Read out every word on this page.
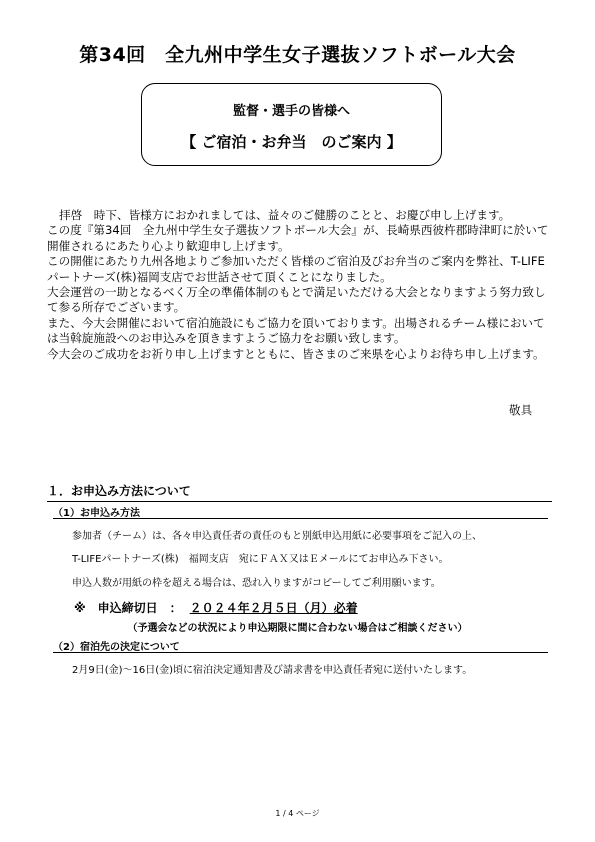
第34回　全九州中学生女子選抜ソフトボール大会
監督・選手の皆様へ
【 ご宿泊・お弁当　のご案内 】

拝啓　時下、皆様方におかれましては、益々のご健勝のことと、お慶び申し上げます。

この度『第34回　全九州中学生女子選抜ソフトボール大会』が、長崎県西彼杵郡時津町に於いて開催されるにあたり心より歓迎申し上げます。

この開催にあたり九州各地よりご参加いただく皆様のご宿泊及びお弁当のご案内を弊社、T-LIFEパートナーズ(株)福岡支店でお世話させて頂くことになりました。

大会運営の一助となるべく万全の準備体制のもとで満足いただける大会となりますよう努力致して参る所存でございます。

また、今大会開催において宿泊施設にもご協力を頂いております。出場されるチーム様においては当斡旋施設へのお申込みを頂きますようご協力をお願い致します。

今大会のご成功をお祈り申し上げますとともに、皆さまのご来県を心よりお待ち申し上げます。

敬具
１．お申込み方法について
（1）お申込み方法
参加者（チーム）は、各々申込責任者の責任のもと別紙申込用紙に必要事項をご記入の上、
T-LIFEパートナーズ(株)　福岡支店　宛にＦＡＸ又はＥメールにてお申込み下さい。
申込人数が用紙の枠を超える場合は、恐れ入りますがコピーしてご利用願います。
※　申込締切日　： ２０２４年２月５日（月）必着
（予選会などの状況により申込期限に間に合わない場合はご相談ください）
（2）宿泊先の決定について
2月9日(金)～16日(金)頃に宿泊決定通知書及び請求書を申込責任者宛に送付いたします。
1 / 4 ページ
